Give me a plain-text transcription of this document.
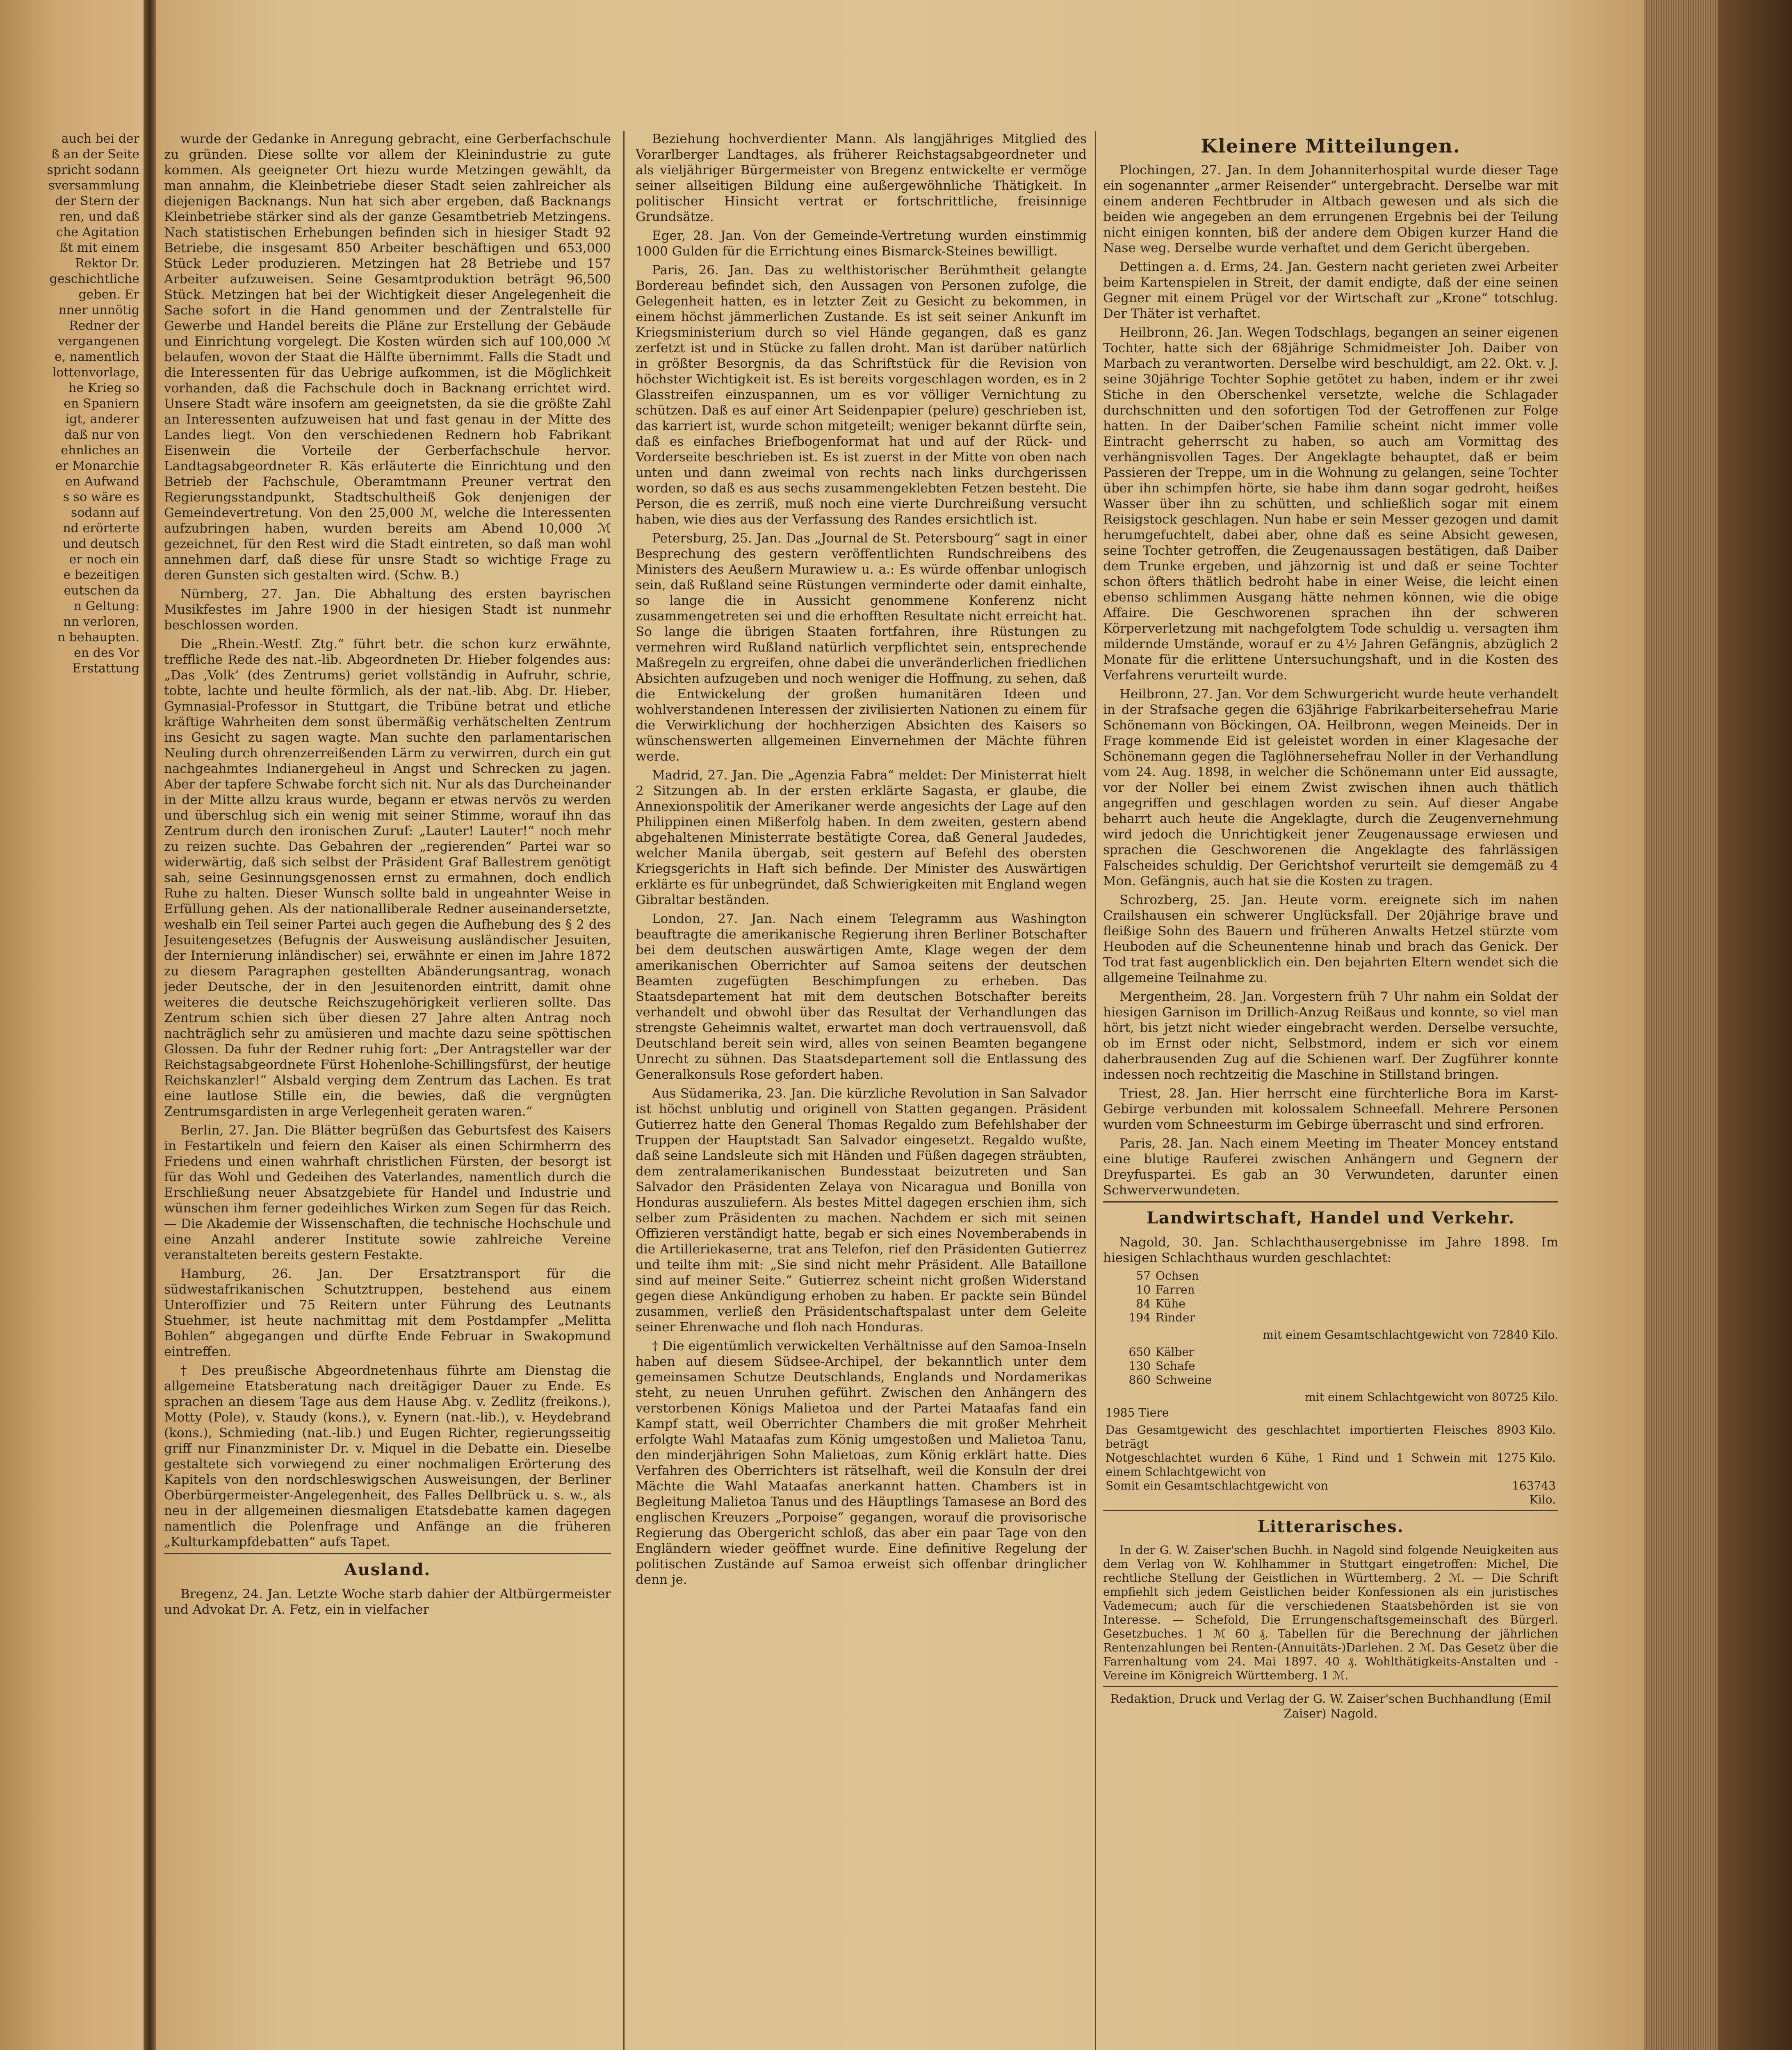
auch bei der
ß an der Seite
spricht sodann
sversammlung
der Stern der
ren, und daß
che Agitation
ßt mit einem
Rektor Dr.
geschichtliche
geben. Er
nner unnötig
Redner der
vergangenen
e, namentlich
lottenvorlage,
he Krieg so
en Spaniern
igt, anderer
daß nur von
ehnliches an
er Monarchie
en Aufwand
s so wäre es
sodann auf
nd erörterte
und deutsch
er noch ein
e bezeitigen
eutschen da
n Geltung:
nn verloren,
n behaupten.
en des Vor
Erstattung

wurde der Gedanke in Anregung gebracht, eine Gerberfachschule zu gründen. Diese sollte vor allem der Kleinindustrie zu gute kommen. Als geeigneter Ort hiezu wurde Metzingen gewählt, da man annahm, die Kleinbetriebe dieser Stadt seien zahlreicher als diejenigen Backnangs. Nun hat sich aber ergeben, daß Backnangs Kleinbetriebe stärker sind als der ganze Gesamtbetrieb Metzingens. Nach statistischen Erhebungen befinden sich in hiesiger Stadt 92 Betriebe, die insgesamt 850 Arbeiter beschäftigen und 653,000 Stück Leder produzieren. Metzingen hat 28 Betriebe und 157 Arbeiter aufzuweisen. Seine Gesamtproduktion beträgt 96,500 Stück. Metzingen hat bei der Wichtigkeit dieser Angelegenheit die Sache sofort in die Hand genommen und der Zentralstelle für Gewerbe und Handel bereits die Pläne zur Erstellung der Gebäude und Einrichtung vorgelegt. Die Kosten würden sich auf 100,000 ℳ belaufen, wovon der Staat die Hälfte übernimmt. Falls die Stadt und die Interessenten für das Uebrige aufkommen, ist die Möglichkeit vorhanden, daß die Fachschule doch in Backnang errichtet wird. Unsere Stadt wäre insofern am geeignetsten, da sie die größte Zahl an Interessenten aufzuweisen hat und fast genau in der Mitte des Landes liegt. Von den verschiedenen Rednern hob Fabrikant Eisenwein die Vorteile der Gerberfachschule hervor. Landtagsabgeordneter R. Käs erläuterte die Einrichtung und den Betrieb der Fachschule, Oberamtmann Preuner vertrat den Regierungsstandpunkt, Stadtschultheiß Gok denjenigen der Gemeindevertretung. Von den 25,000 ℳ, welche die Interessenten aufzubringen haben, wurden bereits am Abend 10,000 ℳ gezeichnet, für den Rest wird die Stadt eintreten, so daß man wohl annehmen darf, daß diese für unsre Stadt so wichtige Frage zu deren Gunsten sich gestalten wird. (Schw. B.)

Nürnberg, 27. Jan. Die Abhaltung des ersten bayrischen Musikfestes im Jahre 1900 in der hiesigen Stadt ist nunmehr beschlossen worden.

Die „Rhein.-Westf. Ztg.“ führt betr. die schon kurz erwähnte, treffliche Rede des nat.-lib. Abgeordneten Dr. Hieber folgendes aus: „Das ‚Volk‘ (des Zentrums) geriet vollständig in Aufruhr, schrie, tobte, lachte und heulte förmlich, als der nat.-lib. Abg. Dr. Hieber, Gymnasial-Professor in Stuttgart, die Tribüne betrat und etliche kräftige Wahrheiten dem sonst übermäßig verhätschelten Zentrum ins Gesicht zu sagen wagte. Man suchte den parlamentarischen Neuling durch ohrenzerreißenden Lärm zu verwirren, durch ein gut nachgeahmtes Indianergeheul in Angst und Schrecken zu jagen. Aber der tapfere Schwabe forcht sich nit. Nur als das Durcheinander in der Mitte allzu kraus wurde, begann er etwas nervös zu werden und überschlug sich ein wenig mit seiner Stimme, worauf ihn das Zentrum durch den ironischen Zuruf: „Lauter! Lauter!“ noch mehr zu reizen suchte. Das Gebahren der „regierenden“ Partei war so widerwärtig, daß sich selbst der Präsident Graf Ballestrem genötigt sah, seine Gesinnungsgenossen ernst zu ermahnen, doch endlich Ruhe zu halten. Dieser Wunsch sollte bald in ungeahnter Weise in Erfüllung gehen. Als der nationalliberale Redner auseinandersetzte, weshalb ein Teil seiner Partei auch gegen die Aufhebung des § 2 des Jesuitengesetzes (Befugnis der Ausweisung ausländischer Jesuiten, der Internierung inländischer) sei, erwähnte er einen im Jahre 1872 zu diesem Paragraphen gestellten Abänderungsantrag, wonach jeder Deutsche, der in den Jesuitenorden eintritt, damit ohne weiteres die deutsche Reichszugehörigkeit verlieren sollte. Das Zentrum schien sich über diesen 27 Jahre alten Antrag noch nachträglich sehr zu amüsieren und machte dazu seine spöttischen Glossen. Da fuhr der Redner ruhig fort: „Der Antragsteller war der Reichstagsabgeordnete Fürst Hohenlohe-Schillingsfürst, der heutige Reichskanzler!“ Alsbald verging dem Zentrum das Lachen. Es trat eine lautlose Stille ein, die bewies, daß die vergnügten Zentrumsgardisten in arge Verlegenheit geraten waren.“

Berlin, 27. Jan. Die Blätter begrüßen das Geburtsfest des Kaisers in Festartikeln und feiern den Kaiser als einen Schirmherrn des Friedens und einen wahrhaft christlichen Fürsten, der besorgt ist für das Wohl und Gedeihen des Vaterlandes, namentlich durch die Erschließung neuer Absatzgebiete für Handel und Industrie und wünschen ihm ferner gedeihliches Wirken zum Segen für das Reich. — Die Akademie der Wissenschaften, die technische Hochschule und eine Anzahl anderer Institute sowie zahlreiche Vereine veranstalteten bereits gestern Festakte.

Hamburg, 26. Jan. Der Ersatztransport für die südwestafrikanischen Schutztruppen, bestehend aus einem Unteroffizier und 75 Reitern unter Führung des Leutnants Stuehmer, ist heute nachmittag mit dem Postdampfer „Melitta Bohlen“ abgegangen und dürfte Ende Februar in Swakopmund eintreffen.

† Des preußische Abgeordnetenhaus führte am Dienstag die allgemeine Etatsberatung nach dreitägiger Dauer zu Ende. Es sprachen an diesem Tage aus dem Hause Abg. v. Zedlitz (freikons.), Motty (Pole), v. Staudy (kons.), v. Eynern (nat.-lib.), v. Heydebrand (kons.), Schmieding (nat.-lib.) und Eugen Richter, regierungsseitig griff nur Finanzminister Dr. v. Miquel in die Debatte ein. Dieselbe gestaltete sich vorwiegend zu einer nochmaligen Erörterung des Kapitels von den nordschleswigschen Ausweisungen, der Berliner Oberbürgermeister-Angelegenheit, des Falles Dellbrück u. s. w., als neu in der allgemeinen diesmaligen Etatsdebatte kamen dagegen namentlich die Polenfrage und Anfänge an die früheren „Kulturkampfdebatten“ aufs Tapet.

Ausland.

Bregenz, 24. Jan. Letzte Woche starb dahier der Altbürgermeister und Advokat Dr. A. Fetz, ein in vielfacher

Beziehung hochverdienter Mann. Als langjähriges Mitglied des Vorarlberger Landtages, als früherer Reichstagsabgeordneter und als vieljähriger Bürgermeister von Bregenz entwickelte er vermöge seiner allseitigen Bildung eine außergewöhnliche Thätigkeit. In politischer Hinsicht vertrat er fortschrittliche, freisinnige Grundsätze.

Eger, 28. Jan. Von der Gemeinde-Vertretung wurden einstimmig 1000 Gulden für die Errichtung eines Bismarck-Steines bewilligt.

Paris, 26. Jan. Das zu welthistorischer Berühmtheit gelangte Bordereau befindet sich, den Aussagen von Personen zufolge, die Gelegenheit hatten, es in letzter Zeit zu Gesicht zu bekommen, in einem höchst jämmerlichen Zustande. Es ist seit seiner Ankunft im Kriegsministerium durch so viel Hände gegangen, daß es ganz zerfetzt ist und in Stücke zu fallen droht. Man ist darüber natürlich in größter Besorgnis, da das Schriftstück für die Revision von höchster Wichtigkeit ist. Es ist bereits vorgeschlagen worden, es in 2 Glasstreifen einzuspannen, um es vor völliger Vernichtung zu schützen. Daß es auf einer Art Seidenpapier (pelure) geschrieben ist, das karriert ist, wurde schon mitgeteilt; weniger bekannt dürfte sein, daß es einfaches Briefbogenformat hat und auf der Rück- und Vorderseite beschrieben ist. Es ist zuerst in der Mitte von oben nach unten und dann zweimal von rechts nach links durchgerissen worden, so daß es aus sechs zusammengeklebten Fetzen besteht. Die Person, die es zerriß, muß noch eine vierte Durchreißung versucht haben, wie dies aus der Verfassung des Randes ersichtlich ist.

Petersburg, 25. Jan. Das „Journal de St. Petersbourg“ sagt in einer Besprechung des gestern veröffentlichten Rundschreibens des Ministers des Aeußern Murawiew u. a.: Es würde offenbar unlogisch sein, daß Rußland seine Rüstungen verminderte oder damit einhalte, so lange die in Aussicht genommene Konferenz nicht zusammengetreten sei und die erhofften Resultate nicht erreicht hat. So lange die übrigen Staaten fortfahren, ihre Rüstungen zu vermehren wird Rußland natürlich verpflichtet sein, entsprechende Maßregeln zu ergreifen, ohne dabei die unveränderlichen friedlichen Absichten aufzugeben und noch weniger die Hoffnung, zu sehen, daß die Entwickelung der großen humanitären Ideen und wohlverstandenen Interessen der zivilisierten Nationen zu einem für die Verwirklichung der hochherzigen Absichten des Kaisers so wünschenswerten allgemeinen Einvernehmen der Mächte führen werde.

Madrid, 27. Jan. Die „Agenzia Fabra“ meldet: Der Ministerrat hielt 2 Sitzungen ab. In der ersten erklärte Sagasta, er glaube, die Annexionspolitik der Amerikaner werde angesichts der Lage auf den Philippinen einen Mißerfolg haben. In dem zweiten, gestern abend abgehaltenen Ministerrate bestätigte Corea, daß General Jaudedes, welcher Manila übergab, seit gestern auf Befehl des obersten Kriegsgerichts in Haft sich befinde. Der Minister des Auswärtigen erklärte es für unbegründet, daß Schwierigkeiten mit England wegen Gibraltar beständen.

London, 27. Jan. Nach einem Telegramm aus Washington beauftragte die amerikanische Regierung ihren Berliner Botschafter bei dem deutschen auswärtigen Amte, Klage wegen der dem amerikanischen Oberrichter auf Samoa seitens der deutschen Beamten zugefügten Beschimpfungen zu erheben. Das Staatsdepartement hat mit dem deutschen Botschafter bereits verhandelt und obwohl über das Resultat der Verhandlungen das strengste Geheimnis waltet, erwartet man doch vertrauensvoll, daß Deutschland bereit sein wird, alles von seinen Beamten begangene Unrecht zu sühnen. Das Staatsdepartement soll die Entlassung des Generalkonsuls Rose gefordert haben.

Aus Südamerika, 23. Jan. Die kürzliche Revolution in San Salvador ist höchst unblutig und originell von Statten gegangen. Präsident Gutierrez hatte den General Thomas Regaldo zum Befehlshaber der Truppen der Hauptstadt San Salvador eingesetzt. Regaldo wußte, daß seine Landsleute sich mit Händen und Füßen dagegen sträubten, dem zentralamerikanischen Bundesstaat beizutreten und San Salvador den Präsidenten Zelaya von Nicaragua und Bonilla von Honduras auszuliefern. Als bestes Mittel dagegen erschien ihm, sich selber zum Präsidenten zu machen. Nachdem er sich mit seinen Offizieren verständigt hatte, begab er sich eines Novemberabends in die Artilleriekaserne, trat ans Telefon, rief den Präsidenten Gutierrez und teilte ihm mit: „Sie sind nicht mehr Präsident. Alle Bataillone sind auf meiner Seite.“ Gutierrez scheint nicht großen Widerstand gegen diese Ankündigung erhoben zu haben. Er packte sein Bündel zusammen, verließ den Präsidentschaftspalast unter dem Geleite seiner Ehrenwache und floh nach Honduras.

† Die eigentümlich verwickelten Verhältnisse auf den Samoa-Inseln haben auf diesem Südsee-Archipel, der bekanntlich unter dem gemeinsamen Schutze Deutschlands, Englands und Nordamerikas steht, zu neuen Unruhen geführt. Zwischen den Anhängern des verstorbenen Königs Malietoa und der Partei Mataafas fand ein Kampf statt, weil Oberrichter Chambers die mit großer Mehrheit erfolgte Wahl Mataafas zum König umgestoßen und Malietoa Tanu, den minderjährigen Sohn Malietoas, zum König erklärt hatte. Dies Verfahren des Oberrichters ist rätselhaft, weil die Konsuln der drei Mächte die Wahl Mataafas anerkannt hatten. Chambers ist in Begleitung Malietoa Tanus und des Häuptlings Tamasese an Bord des englischen Kreuzers „Porpoise“ gegangen, worauf die provisorische Regierung das Obergericht schloß, das aber ein paar Tage von den Engländern wieder geöffnet wurde. Eine definitive Regelung der politischen Zustände auf Samoa erweist sich offenbar dringlicher denn je.

Kleinere Mitteilungen.

Plochingen, 27. Jan. In dem Johanniterhospital wurde dieser Tage ein sogenannter „armer Reisender“ untergebracht. Derselbe war mit einem anderen Fechtbruder in Altbach gewesen und als sich die beiden wie angegeben an dem errungenen Ergebnis bei der Teilung nicht einigen konnten, biß der andere dem Obigen kurzer Hand die Nase weg. Derselbe wurde verhaftet und dem Gericht übergeben.

Dettingen a. d. Erms, 24. Jan. Gestern nacht gerieten zwei Arbeiter beim Kartenspielen in Streit, der damit endigte, daß der eine seinen Gegner mit einem Prügel vor der Wirtschaft zur „Krone“ totschlug. Der Thäter ist verhaftet.

Heilbronn, 26. Jan. Wegen Todschlags, begangen an seiner eigenen Tochter, hatte sich der 68jährige Schmidmeister Joh. Daiber von Marbach zu verantworten. Derselbe wird beschuldigt, am 22. Okt. v. J. seine 30jährige Tochter Sophie getötet zu haben, indem er ihr zwei Stiche in den Oberschenkel versetzte, welche die Schlagader durchschnitten und den sofortigen Tod der Getroffenen zur Folge hatten. In der Daiber'schen Familie scheint nicht immer volle Eintracht geherrscht zu haben, so auch am Vormittag des verhängnisvollen Tages. Der Angeklagte behauptet, daß er beim Passieren der Treppe, um in die Wohnung zu gelangen, seine Tochter über ihn schimpfen hörte, sie habe ihm dann sogar gedroht, heißes Wasser über ihn zu schütten, und schließlich sogar mit einem Reisigstock geschlagen. Nun habe er sein Messer gezogen und damit herumgefuchtelt, dabei aber, ohne daß es seine Absicht gewesen, seine Tochter getroffen, die Zeugenaussagen bestätigen, daß Daiber dem Trunke ergeben, und jähzornig ist und daß er seine Tochter schon öfters thätlich bedroht habe in einer Weise, die leicht einen ebenso schlimmen Ausgang hätte nehmen können, wie die obige Affaire. Die Geschworenen sprachen ihn der schweren Körperverletzung mit nachgefolgtem Tode schuldig u. versagten ihm mildernde Umstände, worauf er zu 4½ Jahren Gefängnis, abzüglich 2 Monate für die erlittene Untersuchungshaft, und in die Kosten des Verfahrens verurteilt wurde.

Heilbronn, 27. Jan. Vor dem Schwurgericht wurde heute verhandelt in der Strafsache gegen die 63jährige Fabrikarbeitersehefrau Marie Schönemann von Böckingen, OA. Heilbronn, wegen Meineids. Der in Frage kommende Eid ist geleistet worden in einer Klagesache der Schönemann gegen die Taglöhnersehefrau Noller in der Verhandlung vom 24. Aug. 1898, in welcher die Schönemann unter Eid aussagte, vor der Noller bei einem Zwist zwischen ihnen auch thätlich angegriffen und geschlagen worden zu sein. Auf dieser Angabe beharrt auch heute die Angeklagte, durch die Zeugenvernehmung wird jedoch die Unrichtigkeit jener Zeugenaussage erwiesen und sprachen die Geschworenen die Angeklagte des fahrlässigen Falscheides schuldig. Der Gerichtshof verurteilt sie demgemäß zu 4 Mon. Gefängnis, auch hat sie die Kosten zu tragen.

Schrozberg, 25. Jan. Heute vorm. ereignete sich im nahen Crailshausen ein schwerer Unglücksfall. Der 20jährige brave und fleißige Sohn des Bauern und früheren Anwalts Hetzel stürzte vom Heuboden auf die Scheunentenne hinab und brach das Genick. Der Tod trat fast augenblicklich ein. Den bejahrten Eltern wendet sich die allgemeine Teilnahme zu.

Mergentheim, 28. Jan. Vorgestern früh 7 Uhr nahm ein Soldat der hiesigen Garnison im Drillich-Anzug Reißaus und konnte, so viel man hört, bis jetzt nicht wieder eingebracht werden. Derselbe versuchte, ob im Ernst oder nicht, Selbstmord, indem er sich vor einem daherbrausenden Zug auf die Schienen warf. Der Zugführer konnte indessen noch rechtzeitig die Maschine in Stillstand bringen.

Triest, 28. Jan. Hier herrscht eine fürchterliche Bora im Karst-Gebirge verbunden mit kolossalem Schneefall. Mehrere Personen wurden vom Schneesturm im Gebirge überrascht und sind erfroren.

Paris, 28. Jan. Nach einem Meeting im Theater Moncey entstand eine blutige Rauferei zwischen Anhängern und Gegnern der Dreyfuspartei. Es gab an 30 Verwundeten, darunter einen Schwerverwundeten.

Landwirtschaft, Handel und Verkehr.

Nagold, 30. Jan. Schlachthausergebnisse im Jahre 1898. Im hiesigen Schlachthaus wurden geschlachtet:

57	Ochsen
10	Farren
84	Kühe
194	Rinder
mit einem Gesamtschlachtgewicht von 72840 Kilo.
650	Kälber
130	Schafe
860	Schweine
mit einem Schlachtgewicht von 80725 Kilo.
1985 Tiere
Das Gesamtgewicht des geschlachtet importierten Fleisches beträgt	8903 Kilo.
Notgeschlachtet wurden 6 Kühe, 1 Rind und 1 Schwein mit einem Schlachtgewicht von	1275 Kilo.
Somit ein Gesamtschlachtgewicht von	163743 Kilo.
Litterarisches.

In der G. W. Zaiser'schen Buchh. in Nagold sind folgende Neuigkeiten aus dem Verlag von W. Kohlhammer in Stuttgart eingetroffen: Michel, Die rechtliche Stellung der Geistlichen in Württemberg. 2 ℳ. — Die Schrift empfiehlt sich jedem Geistlichen beider Konfessionen als ein juristisches Vademecum; auch für die verschiedenen Staatsbehörden ist sie von Interesse. — Schefold, Die Errungenschaftsgemeinschaft des Bürgerl. Gesetzbuches. 1 ℳ 60 ₰. Tabellen für die Berechnung der jährlichen Rentenzahlungen bei Renten-(Annuitäts-)Darlehen. 2 ℳ. Das Gesetz über die Farrenhaltung vom 24. Mai 1897. 40 ₰. Wohlthätigkeits-Anstalten und -Vereine im Königreich Württemberg. 1 ℳ.

Redaktion, Druck und Verlag der G. W. Zaiser'schen Buchhandlung (Emil Zaiser) Nagold.
